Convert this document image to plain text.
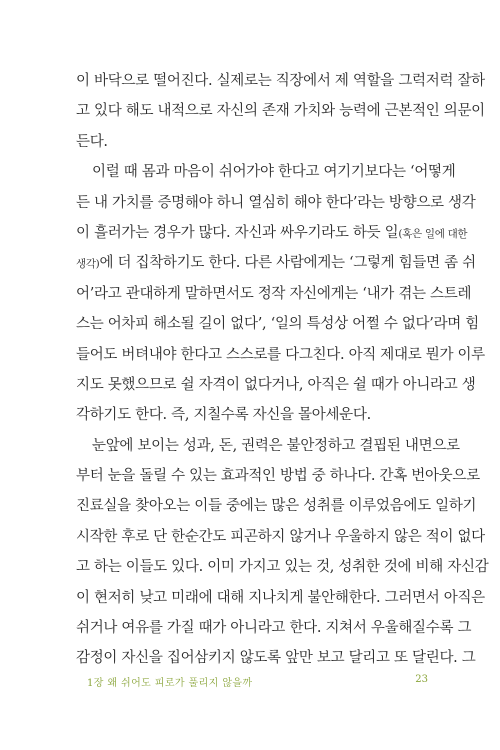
이 바닥으로 떨어진다. 실제로는 직장에서 제 역할을 그럭저럭 잘하
고 있다 해도 내적으로 자신의 존재 가치와 능력에 근본적인 의문이
든다.
이럴 때 몸과 마음이 쉬어가야 한다고 여기기보다는 ‘어떻게
든 내 가치를 증명해야 하니 열심히 해야 한다’라는 방향으로 생각
이 흘러가는 경우가 많다. 자신과 싸우기라도 하듯 일(혹은 일에 대한
생각)에 더 집착하기도 한다. 다른 사람에게는 ‘그렇게 힘들면 좀 쉬
어’라고 관대하게 말하면서도 정작 자신에게는 ‘내가 겪는 스트레
스는 어차피 해소될 길이 없다’, ‘일의 특성상 어쩔 수 없다’라며 힘
들어도 버텨내야 한다고 스스로를 다그친다. 아직 제대로 뭔가 이루
지도 못했으므로 쉴 자격이 없다거나, 아직은 쉴 때가 아니라고 생
각하기도 한다. 즉, 지칠수록 자신을 몰아세운다.
눈앞에 보이는 성과, 돈, 권력은 불안정하고 결핍된 내면으로
부터 눈을 돌릴 수 있는 효과적인 방법 중 하나다. 간혹 번아웃으로
진료실을 찾아오는 이들 중에는 많은 성취를 이루었음에도 일하기
시작한 후로 단 한순간도 피곤하지 않거나 우울하지 않은 적이 없다
고 하는 이들도 있다. 이미 가지고 있는 것, 성취한 것에 비해 자신감
이 현저히 낮고 미래에 대해 지나치게 불안해한다. 그러면서 아직은
쉬거나 여유를 가질 때가 아니라고 한다. 지쳐서 우울해질수록 그
감정이 자신을 집어삼키지 않도록 앞만 보고 달리고 또 달린다. 그
1장 왜 쉬어도 피로가 풀리지 않을까	23
